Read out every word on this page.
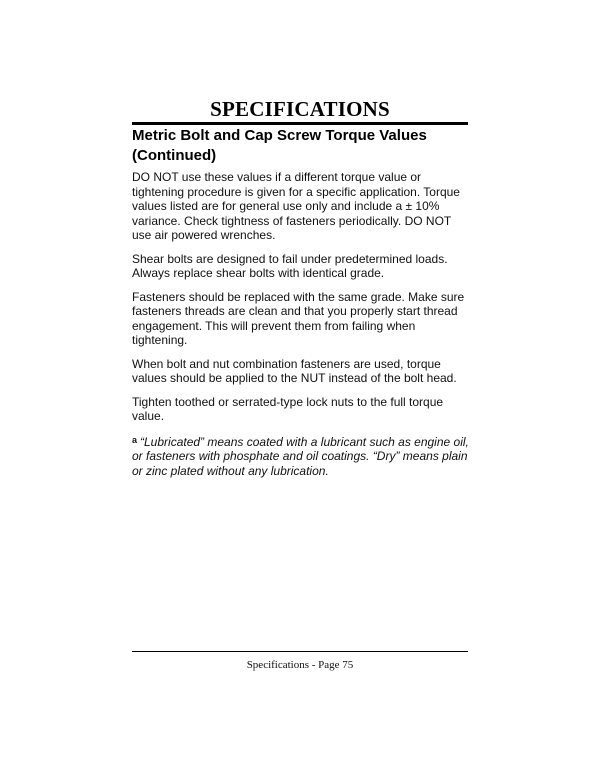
SPECIFICATIONS
Metric Bolt and Cap Screw Torque Values
(Continued)

DO NOT use these values if a different torque value or tightening procedure is given for a specific application. Torque values listed are for general use only and include a ± 10% variance. Check tightness of fasteners periodically. DO NOT use air powered wrenches.

Shear bolts are designed to fail under predetermined loads. Always replace shear bolts with identical grade.

Fasteners should be replaced with the same grade. Make sure fasteners threads are clean and that you properly start thread engagement. This will prevent them from failing when tightening.

When bolt and nut combination fasteners are used, torque values should be applied to the NUT instead of the bolt head.

Tighten toothed or serrated-type lock nuts to the full torque value.

$^a$ “Lubricated” means coated with a lubricant such as engine oil, or fasteners with phosphate and oil coatings. “Dry” means plain or zinc plated without any lubrication.

Specifications - Page 75
